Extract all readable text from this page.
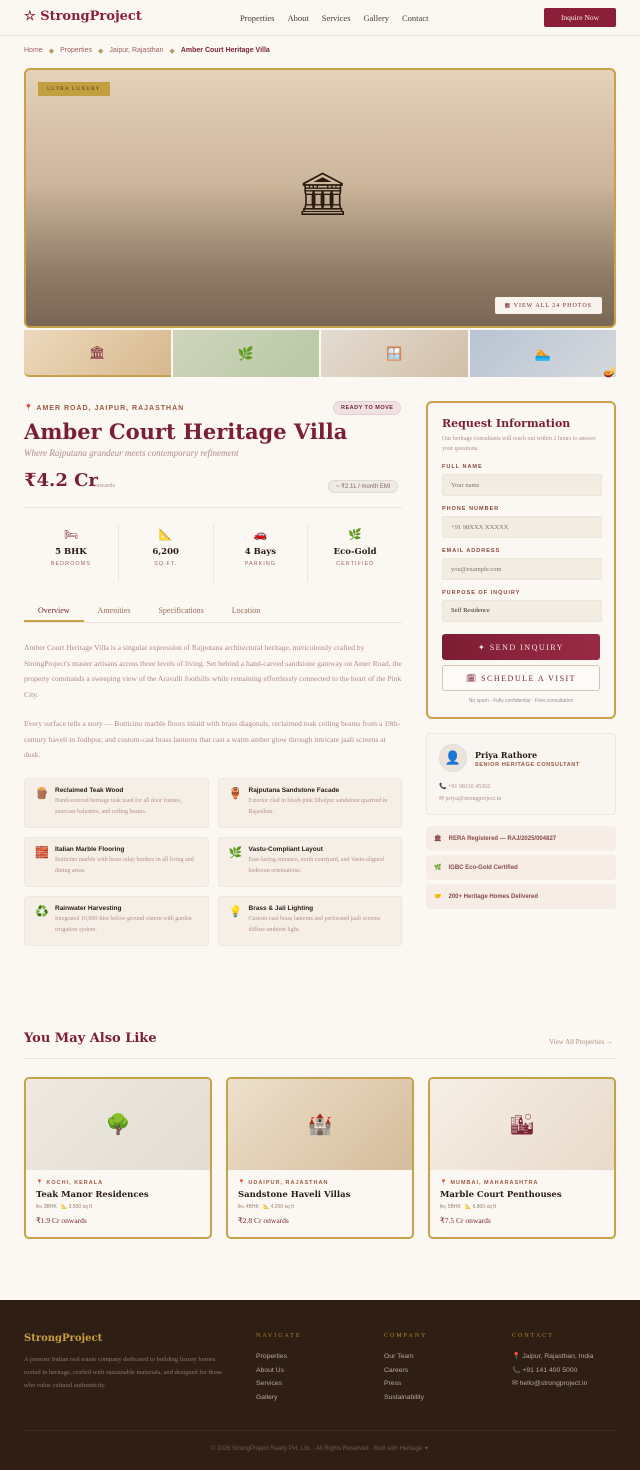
☆ StrongProject	Properties About Services Gallery Contact	Inquire Now
Home ◆ Properties ◆ Jaipur, Rajasthan ◆ Amber Court Heritage Villa
ULTRA LUXURY
🏛
▦ VIEW ALL 24 PHOTOS
🏛	🌿	🪟	🏊
🪔
📍 AMER ROAD, JAIPUR, RAJASTHAN	READY TO MOVE
Amber Court Heritage Villa
Where Rajputana grandeur meets contemporary refinement
₹4.2 Cr
onwards	~ ₹2.1L / month EMI
🛏
5 BHK
BEDROOMS
📐
6,200
SQ.FT.
🚗
4 Bays
PARKING
🌿
Eco-Gold
CERTIFIED
Overview	Amenities	Specifications	Location

Amber Court Heritage Villa is a singular expression of Rajputana architectural heritage, meticulously crafted by StrongProject's master artisans across three levels of living. Set behind a hand-carved sandstone gateway on Amer Road, the property commands a sweeping view of the Aravalli foothills while remaining effortlessly connected to the heart of the Pink City.

Every surface tells a story — Botticino marble floors inlaid with brass diagonals, reclaimed teak ceiling beams from a 19th-century haveli in Jodhpur, and custom-cast brass lanterns that cast a warm amber glow through intricate jaali screens at dusk.

🪵 Reclaimed Teak Wood
Hand-sourced heritage teak used for all door frames, staircase balusters, and ceiling beams.
🏺 Rajputana Sandstone Facade
Exterior clad in blush-pink Dholpur sandstone quarried in Rajasthan.
🧱 Italian Marble Flooring
Botticino marble with brass inlay borders in all living and dining areas.
🌿 Vastu-Compliant Layout
East-facing entrance, north courtyard, and Vastu-aligned bedroom orientations.
♻️ Rainwater Harvesting
Integrated 10,000-litre below-ground cistern with garden irrigation system.
💡 Brass & Jali Lighting
Custom-cast brass lanterns and perforated jaali screens diffuse ambient light.
Request Information
Our heritage consultants will reach out within 2 hours to answer your questions.
FULL NAME
Your name
PHONE NUMBER
+91 98XXX XXXXX
EMAIL ADDRESS
you@example.com
PURPOSE OF INQUIRY
Self Residence
✦ SEND INQUIRY
🗓 SCHEDULE A VISIT
No spam · Fully confidential · Free consultation
👤 Priya Rathore
SENIOR HERITAGE CONSULTANT
📞 +91 98110 45302
✉ priya@strongproject.in
🏛 RERA Registered — RAJ/2025/004827
🌿 IGBC Eco-Gold Certified
🤝 200+ Heritage Homes Delivered
You May Also Like	View All Properties →
🌳
📍 KOCHI, KERALA
Teak Manor Residences
🛏 3BHK   📐 3,500 sq ft
₹1.9 Cr onwards
🏰
📍 UDAIPUR, RAJASTHAN
Sandstone Haveli Villas
🛏 4BHK   📐 4,200 sq ft
₹2.8 Cr onwards
🏙
📍 MUMBAI, MAHARASHTRA
Marble Court Penthouses
🛏 5BHK   📐 6,800 sq ft
₹7.5 Cr onwards
StrongProject
A premier Indian real estate company dedicated to building luxury homes rooted in heritage, crafted with sustainable materials, and designed for those who value cultural authenticity.
NAVIGATE
Properties
About Us
Services
Gallery
COMPANY
Our Team
Careers
Press
Sustainability
CONTACT
📍 Jaipur, Rajasthan, India
📞 +91 141 400 5000
✉ hello@strongproject.in
© 2026 StrongProject Realty Pvt. Ltd. · All Rights Reserved · Built with Heritage ✦
